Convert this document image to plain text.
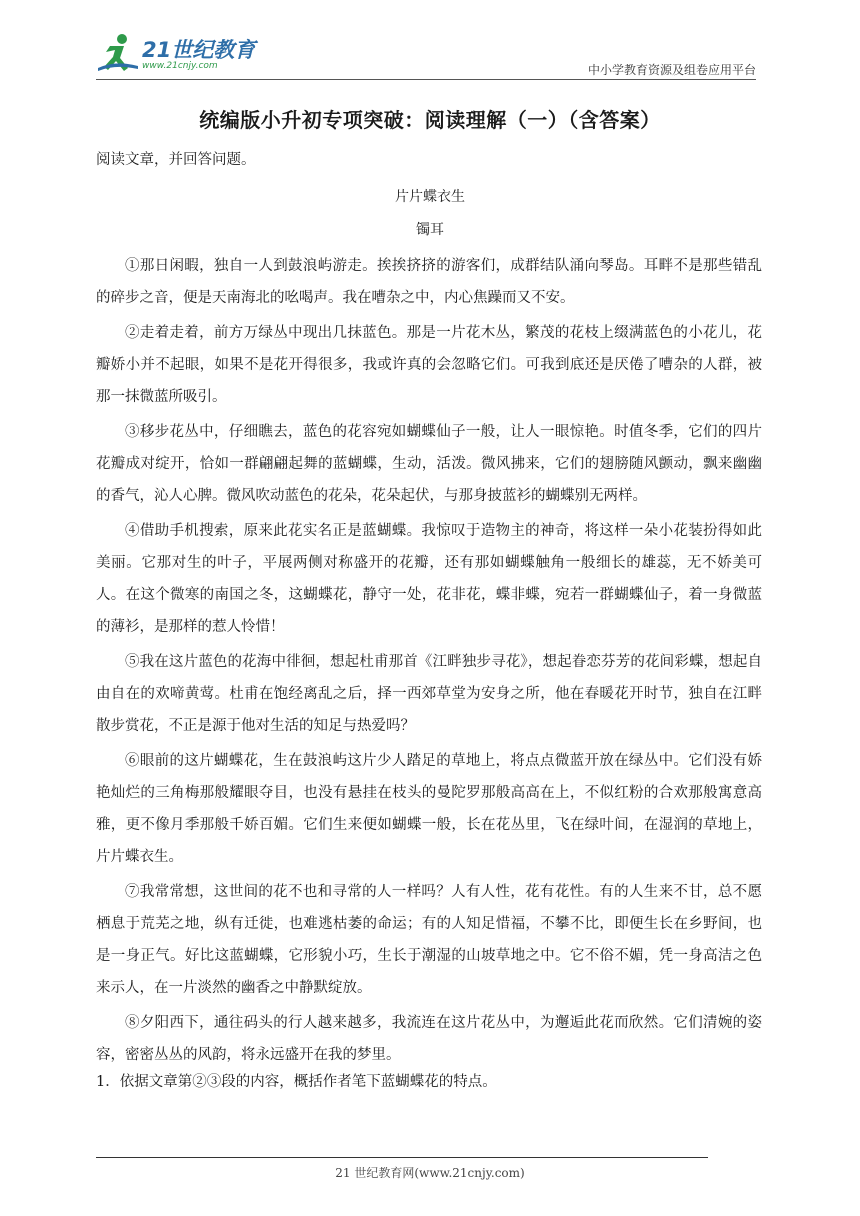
21世纪教育
www.21cnjy.com	中小学教育资源及组卷应用平台
统编版小升初专项突破：阅读理解（一）（含答案）
阅读文章，并回答问题。
片片蝶衣生
镯耳

①那日闲暇，独自一人到鼓浪屿游走。挨挨挤挤的游客们，成群结队涌向琴岛。耳畔不是那些错乱的碎步之音，便是天南海北的吆喝声。我在嘈杂之中，内心焦躁而又不安。

②走着走着，前方万绿丛中现出几抹蓝色。那是一片花木丛，繁茂的花枝上缀满蓝色的小花儿，花瓣娇小并不起眼，如果不是花开得很多，我或许真的会忽略它们。可我到底还是厌倦了嘈杂的人群，被那一抹微蓝所吸引。

③移步花丛中，仔细瞧去，蓝色的花容宛如蝴蝶仙子一般，让人一眼惊艳。时值冬季，它们的四片花瓣成对绽开，恰如一群翩翩起舞的蓝蝴蝶，生动，活泼。微风拂来，它们的翅膀随风颤动，飘来幽幽的香气，沁人心脾。微风吹动蓝色的花朵，花朵起伏，与那身披蓝衫的蝴蝶别无两样。

④借助手机搜索，原来此花实名正是蓝蝴蝶。我惊叹于造物主的神奇，将这样一朵小花装扮得如此美丽。它那对生的叶子，平展两侧对称盛开的花瓣，还有那如蝴蝶触角一般细长的雄蕊，无不娇美可人。在这个微寒的南国之冬，这蝴蝶花，静守一处，花非花，蝶非蝶，宛若一群蝴蝶仙子，着一身微蓝的薄衫，是那样的惹人怜惜！

⑤我在这片蓝色的花海中徘徊，想起杜甫那首《江畔独步寻花》，想起眷恋芬芳的花间彩蝶，想起自由自在的欢啼黄莺。杜甫在饱经离乱之后，择一西郊草堂为安身之所，他在春暖花开时节，独自在江畔散步赏花，不正是源于他对生活的知足与热爱吗？

⑥眼前的这片蝴蝶花，生在鼓浪屿这片少人踏足的草地上，将点点微蓝开放在绿丛中。它们没有娇艳灿烂的三角梅那般耀眼夺目，也没有悬挂在枝头的曼陀罗那般高高在上，不似红粉的合欢那般寓意高雅，更不像月季那般千娇百媚。它们生来便如蝴蝶一般，长在花丛里，飞在绿叶间，在湿润的草地上，片片蝶衣生。

⑦我常常想，这世间的花不也和寻常的人一样吗？人有人性，花有花性。有的人生来不甘，总不愿栖息于荒芜之地，纵有迁徙，也难逃枯萎的命运；有的人知足惜福，不攀不比，即便生长在乡野间，也是一身正气。好比这蓝蝴蝶，它形貌小巧，生长于潮湿的山坡草地之中。它不俗不媚，凭一身高洁之色来示人，在一片淡然的幽香之中静默绽放。

⑧夕阳西下，通往码头的行人越来越多，我流连在这片花丛中，为邂逅此花而欣然。它们清婉的姿容，密密丛丛的风韵，将永远盛开在我的梦里。

1．依据文章第②③段的内容，概括作者笔下蓝蝴蝶花的特点。
21 世纪教育网(www.21cnjy.com)
